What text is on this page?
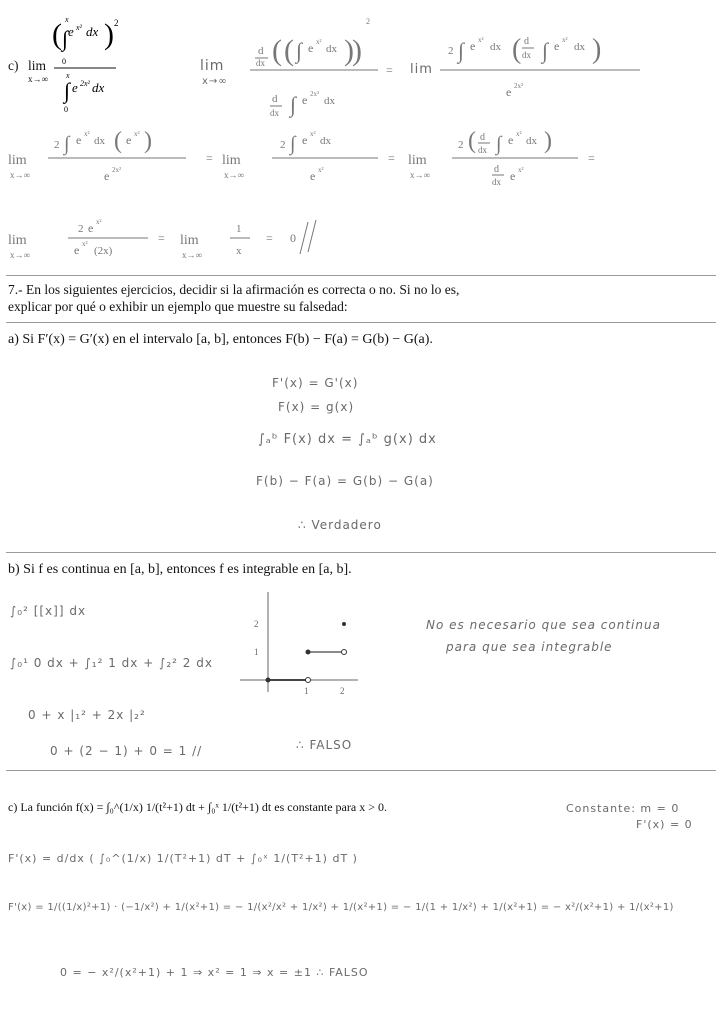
c) lim
x→∞
( ∫ e x² dx ) 2
x
0
∫ e 2x² dx
x
0
lim
x→∞
d
dx ( ( ∫ e x²
dx )
)
2
d
dx ∫ e 2x²
dx
=
2 ∫ e x²
dx ( d
dx ∫ e x²
dx )
e 2x²
lim
lim
x→∞
2 ∫ e x²
dx ( e x² )
e 2x²
= lim
x→∞
2 ∫ e x²
dx
e x²
= lim
x→∞
2 ( d
dx ∫ e x²
dx )
d
dx e x²
=
lim
x→∞
2 e x²
e x²
(2x)
= lim
x→∞
1
x
= 0
7.- En los siguientes ejercicios, decidir si la afirmación es correcta o no. Si no lo es,
explicar por qué o exhibir un ejemplo que muestre su falsedad:
a) Si F′(x) = G′(x) en el intervalo [a, b], entonces F(b) − F(a) = G(b) − G(a).
F'(x) = G'(x)
F(x) = g(x)
∫ₐᵇ F(x) dx = ∫ₐᵇ g(x) dx
F(b) − F(a) = G(b) − G(a)
∴ Verdadero
b) Si f es continua en [a, b], entonces f es integrable en [a, b].
∫₀² [[x]] dx
∫₀¹ 0 dx + ∫₁² 1 dx + ∫₂² 2 dx
0 + x |₁² + 2x |₂²
0 + (2 − 1) + 0 = 1 //
1	2
1
2	No es necesario que sea continua
para que sea integrable
∴ FALSO
c) La función f(x) = ∫₀^(1/x) 1/(t²+1) dt + ∫₀ˣ 1/(t²+1) dt es constante para x > 0.	Constante: m = 0
F'(x) = 0
F'(x) = d/dx ( ∫₀^(1/x) 1/(T²+1) dT + ∫₀ˣ 1/(T²+1) dT )
F'(x) = 1/((1/x)²+1) · (−1/x²) + 1/(x²+1) = − 1/(x²/x² + 1/x²) + 1/(x²+1) = − 1/(1 + 1/x²) + 1/(x²+1) = − x²/(x²+1) + 1/(x²+1)
0 = − x²/(x²+1) + 1 ⇒ x² = 1 ⇒ x = ±1 ∴ FALSO
